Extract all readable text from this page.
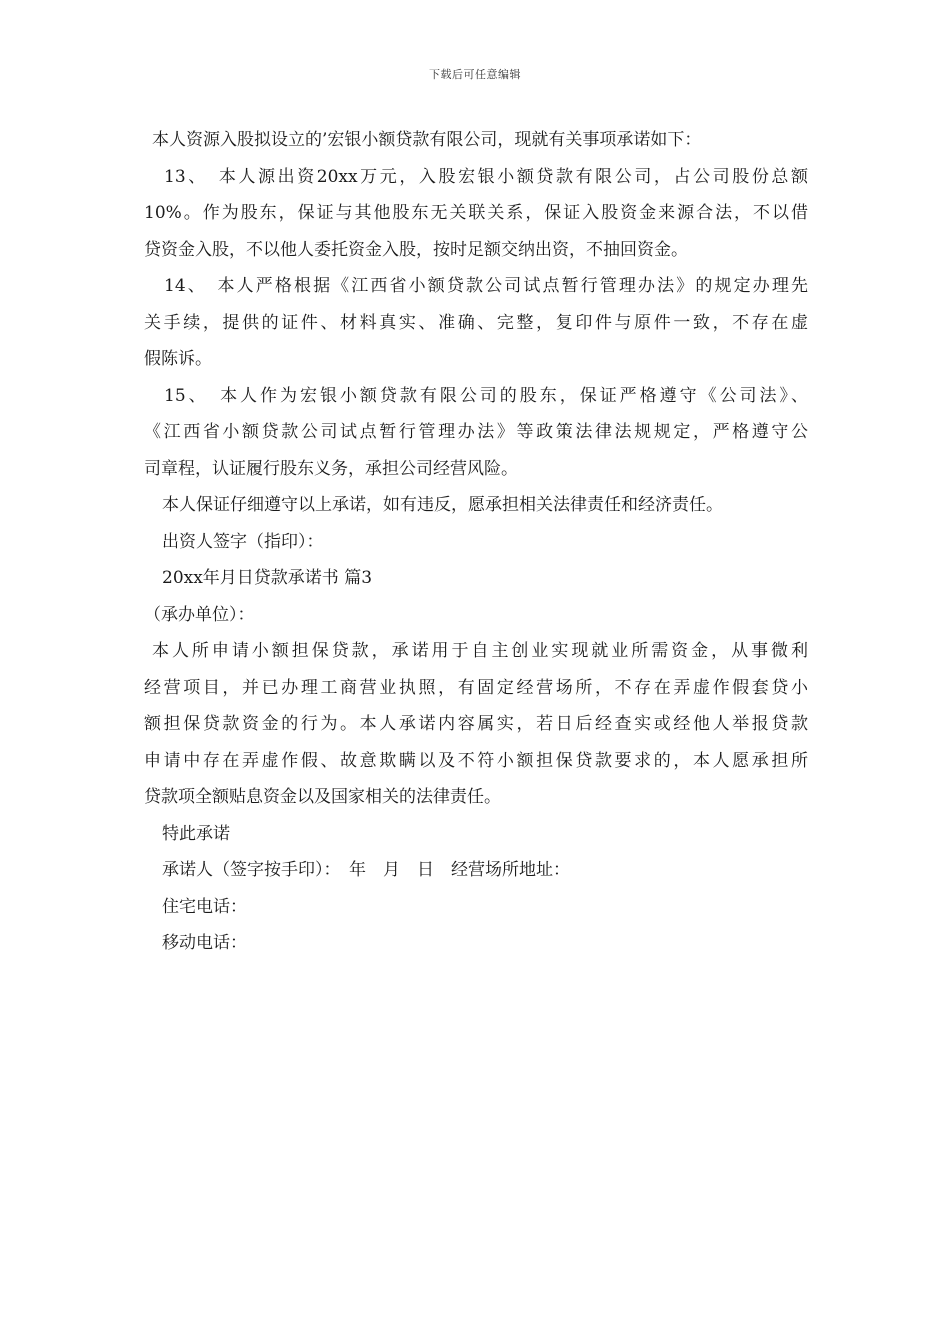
下载后可任意编辑
本人资源入股拟设立的’宏银小额贷款有限公司，现就有关事项承诺如下：
13、　本人源出资20xx万元，入股宏银小额贷款有限公司，占公司股份总额
10%。作为股东，保证与其他股东无关联关系，保证入股资金来源合法，不以借
贷资金入股，不以他人委托资金入股，按时足额交纳出资，不抽回资金。
14、　本人严格根据《江西省小额贷款公司试点暂行管理办法》的规定办理先
关手续，提供的证件、材料真实、准确、完整，复印件与原件一致，不存在虚
假陈诉。
15、　本人作为宏银小额贷款有限公司的股东，保证严格遵守《公司法》、
《江西省小额贷款公司试点暂行管理办法》等政策法律法规规定，严格遵守公
司章程，认证履行股东义务，承担公司经营风险。
本人保证仔细遵守以上承诺，如有违反，愿承担相关法律责任和经济责任。
出资人签字（指印）：
20xx年月日贷款承诺书 篇3
（承办单位）：
本人所申请小额担保贷款，承诺用于自主创业实现就业所需资金，从事微利
经营项目，并已办理工商营业执照，有固定经营场所，不存在弄虚作假套贷小
额担保贷款资金的行为。本人承诺内容属实，若日后经查实或经他人举报贷款
申请中存在弄虚作假、故意欺瞒以及不符小额担保贷款要求的，本人愿承担所
贷款项全额贴息资金以及国家相关的法律责任。
特此承诺
承诺人（签字按手印）：　年　月　日　经营场所地址：
住宅电话：
移动电话：
